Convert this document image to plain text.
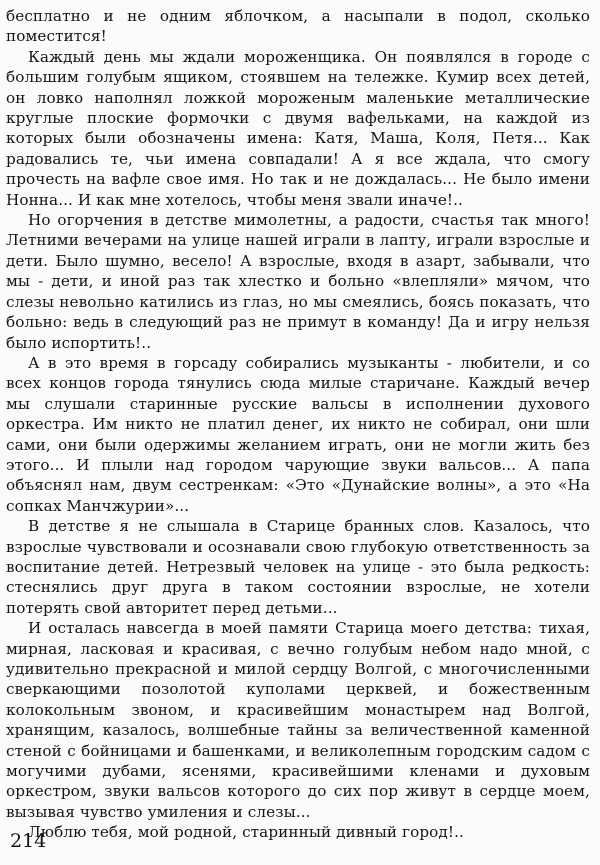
бесплатно и не одним яблочком, а насыпали в подол, сколько поместится!

Каждый день мы ждали мороженщика. Он появлялся в городе с большим голубым ящиком, стоявшем на тележке. Кумир всех детей, он ловко наполнял ложкой мороженым маленькие металлические круглые плоские формочки с двумя вафельками, на каждой из которых были обозначены имена: Катя, Маша, Коля, Петя... Как радовались те, чьи имена совпадали! А я все ждала, что смогу прочесть на вафле свое имя. Но так и не дождалась... Не было имени Нонна... И как мне хотелось, чтобы меня звали иначе!..

Но огорчения в детстве мимолетны, а радости, счастья так много! Летними вечерами на улице нашей играли в лапту, играли взрослые и дети. Было шумно, весело! А взрослые, входя в азарт, забывали, что мы - дети, и иной раз так хлестко и больно «влепляли» мячом, что слезы невольно катились из глаз, но мы смеялись, боясь показать, что больно: ведь в следующий раз не примут в команду! Да и игру нельзя было испортить!..

А в это время в горсаду собирались музыканты - любители, и со всех концов города тянулись сюда милые старичане. Каждый вечер мы слушали старинные русские вальсы в исполнении духового оркестра. Им никто не платил денег, их никто не собирал, они шли сами, они были одержимы желанием играть, они не могли жить без этого... И плыли над городом чарующие звуки вальсов... А папа объяснял нам, двум сестренкам: «Это «Дунайские волны», а это «На сопках Манчжурии»...

В детстве я не слышала в Старице бранных слов. Казалось, что взрослые чувствовали и осознавали свою глубокую ответственность за воспитание детей. Нетрезвый человек на улице - это была редкость: стеснялись друг друга в таком состоянии взрослые, не хотели потерять свой авторитет перед детьми...

И осталась навсегда в моей памяти Старица моего детства: тихая, мирная, ласковая и красивая, с вечно голубым небом надо мной, с удивительно прекрасной и милой сердцу Волгой, с многочисленными сверкающими позолотой куполами церквей, и божественным колокольным звоном, и красивейшим монастырем над Волгой, хранящим, казалось, волшебные тайны за величественной каменной стеной с бойницами и башенками, и великолепным городским садом с могучими дубами, ясенями, красивейшими кленами и духовым оркестром, звуки вальсов которого до сих пор живут в сердце моем, вызывая чувство умиления и слезы...

Люблю тебя, мой родной, старинный дивный город!..

214
